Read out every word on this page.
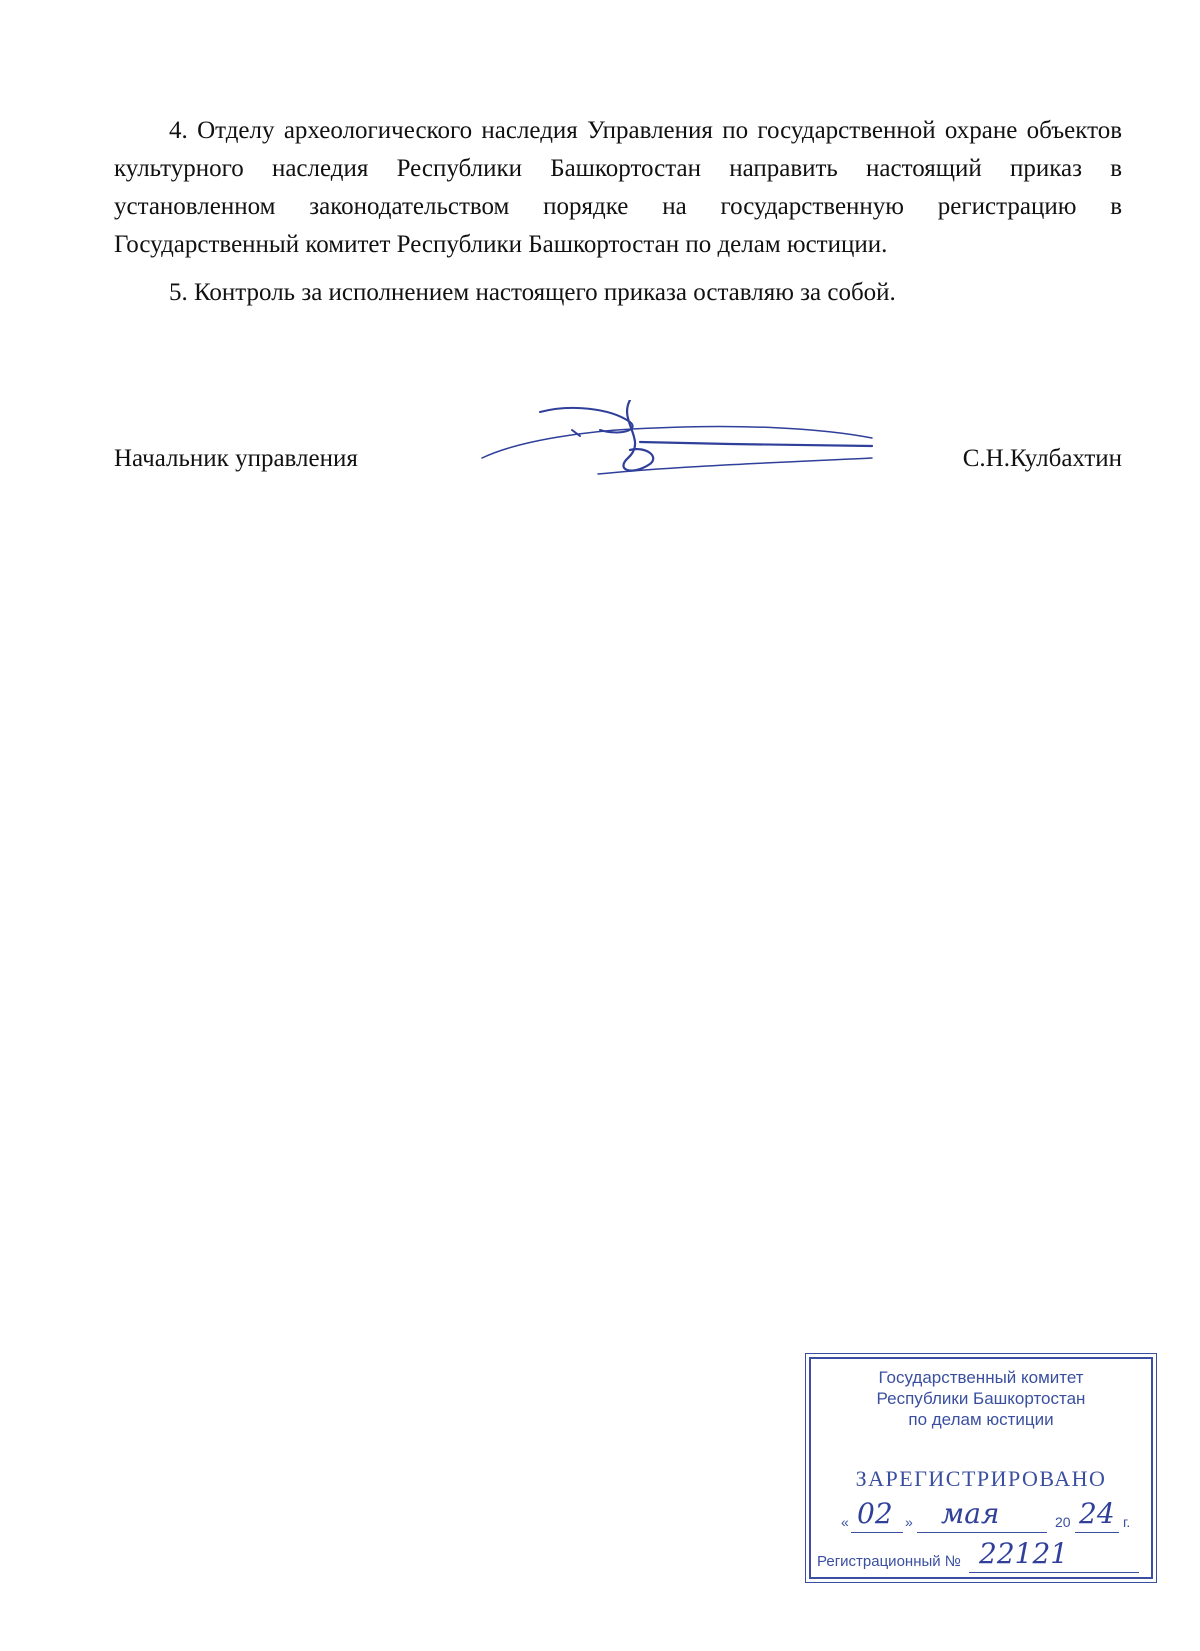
4. Отделу археологического наследия Управления по государственной охране объектов культурного наследия Республики Башкортостан направить настоящий приказ в установленном законодательством порядке на государственную регистрацию в Государственный комитет Республики Башкортостан по делам юстиции.

5. Контроль за исполнением настоящего приказа оставляю за собой.

Начальник управления	С.Н.Кулбахтин
Государственный комитет
Республики Башкортостан
по делам юстиции
ЗАРЕГИСТРИРОВАНО
« 02 » мая	20 24 г.
Регистрационный № 22121
